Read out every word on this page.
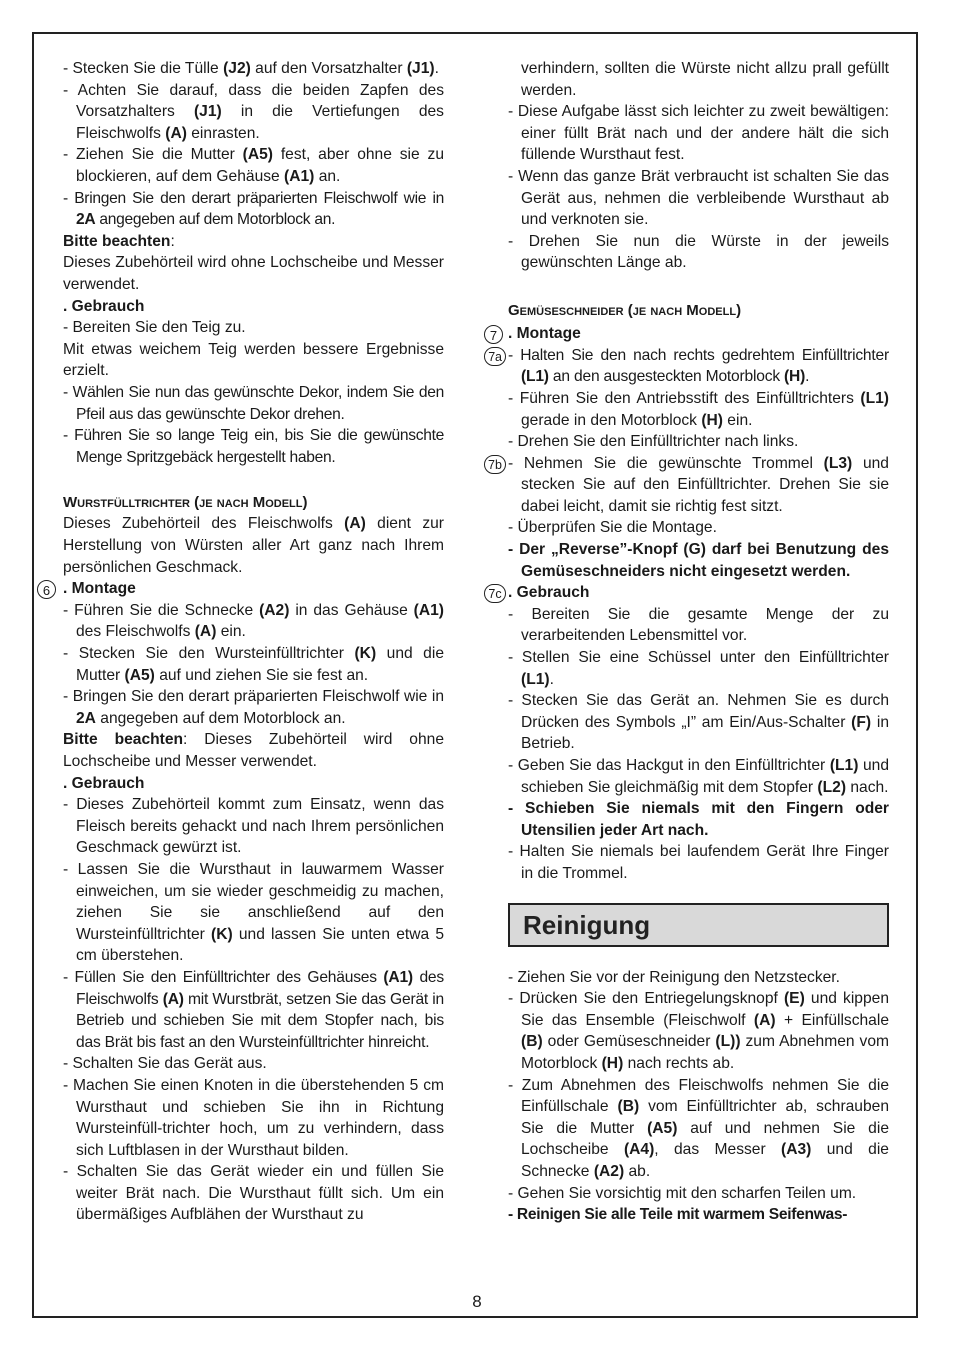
- Stecken Sie die Tülle (J2) auf den Vorsatzhalter (J1).
- Achten Sie darauf, dass die beiden Zapfen des Vorsatzhalters (J1) in die Vertiefungen des Fleischwolfs (A) einrasten.
- Ziehen Sie die Mutter (A5) fest, aber ohne sie zu blockieren, auf dem Gehäuse (A1) an.
- Bringen Sie den derart präparierten Fleischwolf wie in 2A angegeben auf dem Motorblock an.
Bitte beachten:
Dieses Zubehörteil wird ohne Lochscheibe und Messer verwendet.
. Gebrauch
- Bereiten Sie den Teig zu.
Mit etwas weichem Teig werden bessere Ergebnisse erzielt.
- Wählen Sie nun das gewünschte Dekor, indem Sie den Pfeil aus das gewünschte Dekor drehen.
- Führen Sie so lange Teig ein, bis Sie die gewünschte Menge Spritzgebäck hergestellt haben.
Wurstfülltrichter (je nach Modell)
Dieses Zubehörteil des Fleischwolfs (A) dient zur Herstellung von Würsten aller Art ganz nach Ihrem persönlichen Geschmack.
6 . Montage
- Führen Sie die Schnecke (A2) in das Gehäuse (A1) des Fleischwolfs (A) ein.
- Stecken Sie den Wursteinfülltrichter (K) und die Mutter (A5) auf und ziehen Sie sie fest an.
- Bringen Sie den derart präparierten Fleischwolf wie in 2A angegeben auf dem Motorblock an.
Bitte beachten: Dieses Zubehörteil wird ohne Lochscheibe und Messer verwendet.
. Gebrauch
- Dieses Zubehörteil kommt zum Einsatz, wenn das Fleisch bereits gehackt und nach Ihrem persönlichen Geschmack gewürzt ist.
- Lassen Sie die Wursthaut in lauwarmem Wasser einweichen, um sie wieder geschmeidig zu machen, ziehen Sie sie anschließend auf den Wursteinfülltrichter (K) und lassen Sie unten etwa 5 cm überstehen.
- Füllen Sie den Einfülltrichter des Gehäuses (A1) des Fleischwolfs (A) mit Wurstbrät, setzen Sie das Gerät in Betrieb und schieben Sie mit dem Stopfer nach, bis das Brät bis fast an den Wursteinfülltrichter hinreicht.
- Schalten Sie das Gerät aus.
- Machen Sie einen Knoten in die überstehenden 5 cm Wursthaut und schieben Sie ihn in Richtung Wursteinfüll-trichter hoch, um zu verhindern, dass sich Luftblasen in der Wursthaut bilden.
- Schalten Sie das Gerät wieder ein und füllen Sie weiter Brät nach. Die Wursthaut füllt sich. Um ein übermäßiges Aufblähen der Wursthaut zu
verhindern, sollten die Würste nicht allzu prall gefüllt werden.
- Diese Aufgabe lässt sich leichter zu zweit bewältigen: einer füllt Brät nach und der andere hält die sich füllende Wursthaut fest.
- Wenn das ganze Brät verbraucht ist schalten Sie das Gerät aus, nehmen die verbleibende Wursthaut ab und verknoten sie.
- Drehen Sie nun die Würste in der jeweils gewünschten Länge ab.
Gemüseschneider (je nach Modell)
7 . Montage
7a - Halten Sie den nach rechts gedrehtem Einfülltrichter (L1) an den ausgesteckten Motorblock (H).
- Führen Sie den Antriebsstift des Einfülltrichters (L1) gerade in den Motorblock (H) ein.
- Drehen Sie den Einfülltrichter nach links.
7b - Nehmen Sie die gewünschte Trommel (L3) und stecken Sie auf den Einfülltrichter. Drehen Sie sie dabei leicht, damit sie richtig fest sitzt.
- Überprüfen Sie die Montage.
- Der „Reverse”-Knopf (G) darf bei Benutzung des Gemüseschneiders nicht eingesetzt werden.
7c . Gebrauch
- Bereiten Sie die gesamte Menge der zu verarbeitenden Lebensmittel vor.
- Stellen Sie eine Schüssel unter den Einfülltrichter (L1).
- Stecken Sie das Gerät an. Nehmen Sie es durch Drücken des Symbols „I” am Ein/Aus-Schalter (F) in Betrieb.
- Geben Sie das Hackgut in den Einfülltrichter (L1) und schieben Sie gleichmäßig mit dem Stopfer (L2) nach.
- Schieben Sie niemals mit den Fingern oder Utensilien jeder Art nach.
- Halten Sie niemals bei laufendem Gerät Ihre Finger in die Trommel.
Reinigung
- Ziehen Sie vor der Reinigung den Netzstecker.
- Drücken Sie den Entriegelungsknopf (E) und kippen Sie das Ensemble (Fleischwolf (A) + Einfüllschale (B) oder Gemüseschneider (L)) zum Abnehmen vom Motorblock (H) nach rechts ab.
- Zum Abnehmen des Fleischwolfs nehmen Sie die Einfüllschale (B) vom Einfülltrichter ab, schrauben Sie die Mutter (A5) auf und nehmen Sie die Lochscheibe (A4), das Messer (A3) und die Schnecke (A2) ab.
- Gehen Sie vorsichtig mit den scharfen Teilen um.
- Reinigen Sie alle Teile mit warmem Seifenwas-
8
